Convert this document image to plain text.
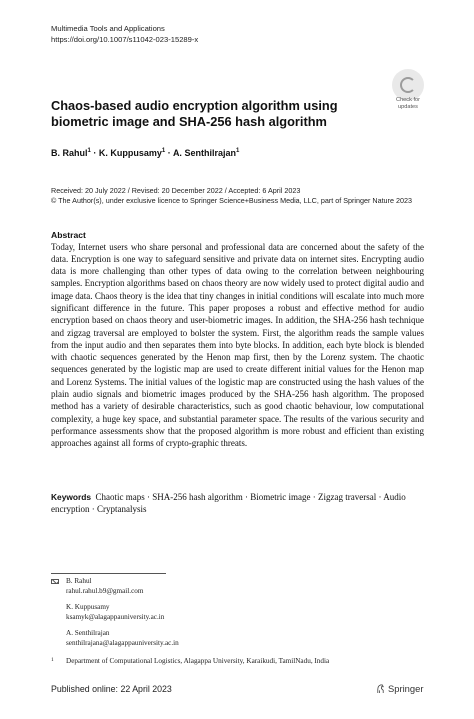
Multimedia Tools and Applications
https://doi.org/10.1007/s11042-023-15289-x
Check for
updates
Chaos-based audio encryption algorithm using biometric image and SHA-256 hash algorithm
B. Rahul$^1$ · K. Kuppusamy$^1$ · A. Senthilrajan$^1$
Received: 20 July 2022 / Revised: 20 December 2022 / Accepted: 6 April 2023
© The Author(s), under exclusive licence to Springer Science+Business Media, LLC, part of Springer Nature 2023
Abstract
Today, Internet users who share personal and professional data are concerned about the safety of the data. Encryption is one way to safeguard sensitive and private data on internet sites. Encrypting audio data is more challenging than other types of data owing to the correlation between neighbouring samples. Encryption algorithms based on chaos theory are now widely used to protect digital audio and image data. Chaos theory is the idea that tiny changes in initial conditions will escalate into much more significant difference in the future. This paper proposes a robust and effective method for audio encryption based on chaos theory and user-biometric images. In addition, the SHA-256 hash technique and zigzag traversal are employed to bolster the system. First, the algorithm reads the sample values from the input audio and then separates them into byte blocks. In addition, each byte block is blended with chaotic sequences generated by the Henon map first, then by the Lorenz system. The chaotic sequences generated by the logistic map are used to create different initial values for the Henon map and Lorenz Systems. The initial values of the logistic map are constructed using the hash values of the plain audio signals and biometric images produced by the SHA-256 hash algorithm. The proposed method has a variety of desirable characteristics, such as good chaotic behaviour, low computational complexity, a huge key space, and substantial parameter space. The results of the various security and performance assessments show that the proposed algorithm is more robust and efficient than existing approaches against all forms of crypto-graphic threats.
Keywords Chaotic maps · SHA-256 hash algorithm · Biometric image · Zigzag traversal · Audio encryption · Cryptanalysis
B. Rahul
rahul.rahul.b9@gmail.com
K. Kuppusamy
ksamyk@alagappauniversity.ac.in
A. Senthilrajan
senthilrajana@alagappauniversity.ac.in
1	Department of Computational Logistics, Alagappa University, Karaikudi, TamilNadu, India
Published online: 22 April 2023	Springer
